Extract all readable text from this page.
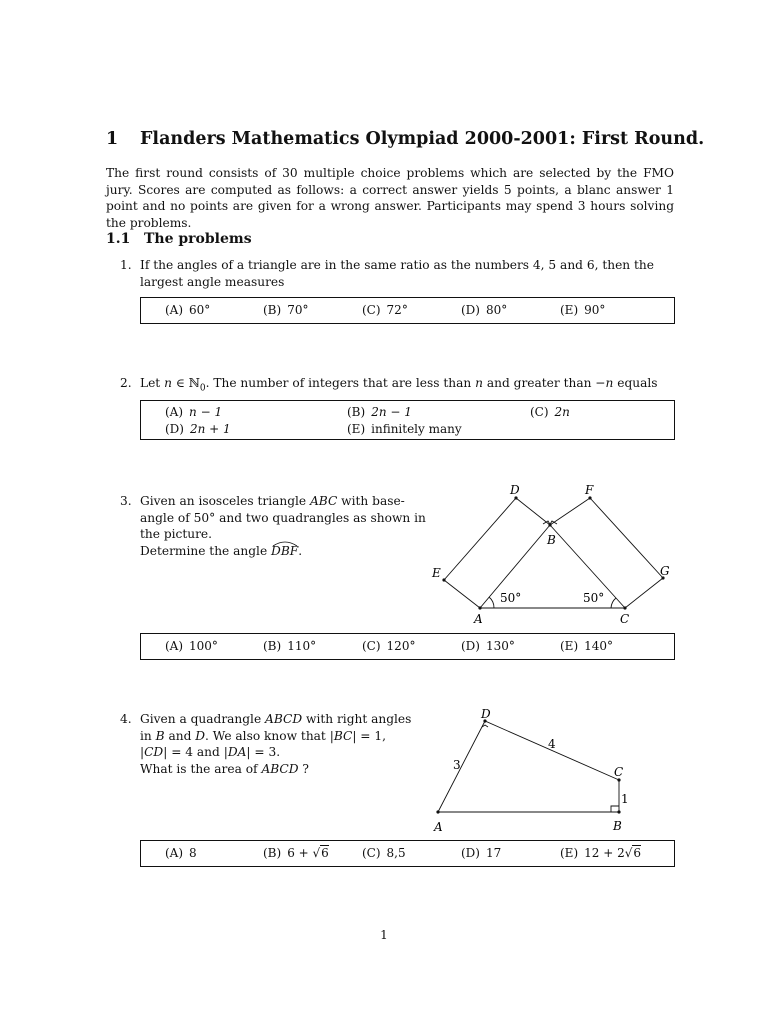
1 Flanders Mathematics Olympiad 2000-2001: First Round.
The first round consists of 30 multiple choice problems which are selected by the FMO jury. Scores are computed as follows: a correct answer yields 5 points, a blanc answer 1 point and no points are given for a wrong answer. Participants may spend 3 hours solving the problems.
1.1 The problems
1. If the angles of a triangle are in the same ratio as the numbers 4, 5 and 6, then the
largest angle measures
(A) 60°	(B) 70°	(C) 72°	(D) 80°	(E) 90°
2. Let n ∈ ℕ$_0$. The number of integers that are less than n and greater than −n equals
(A) n − 1	(B) 2n − 1	(C) 2n
(D) 2n + 1	(E) infinitely many
3. Given an isosceles triangle ABC with base-
angle of 50° and two quadrangles as shown in
the picture.
Determine the angle DBF
.
A	C
B
D	F
E	G
50°	50°
(A) 100°	(B) 110°	(C) 120°	(D) 130°	(E) 140°
4. Given a quadrangle ABCD with right angles
in B and D. We also know that |BC| = 1,
|CD| = 4 and |DA| = 3.
What is the area of ABCD ?
A
D
C
B
3
4
1
(A) 8	(B) 6 + √6	(C) 8,5	(D) 17	(E) 12 + 2√6
1
